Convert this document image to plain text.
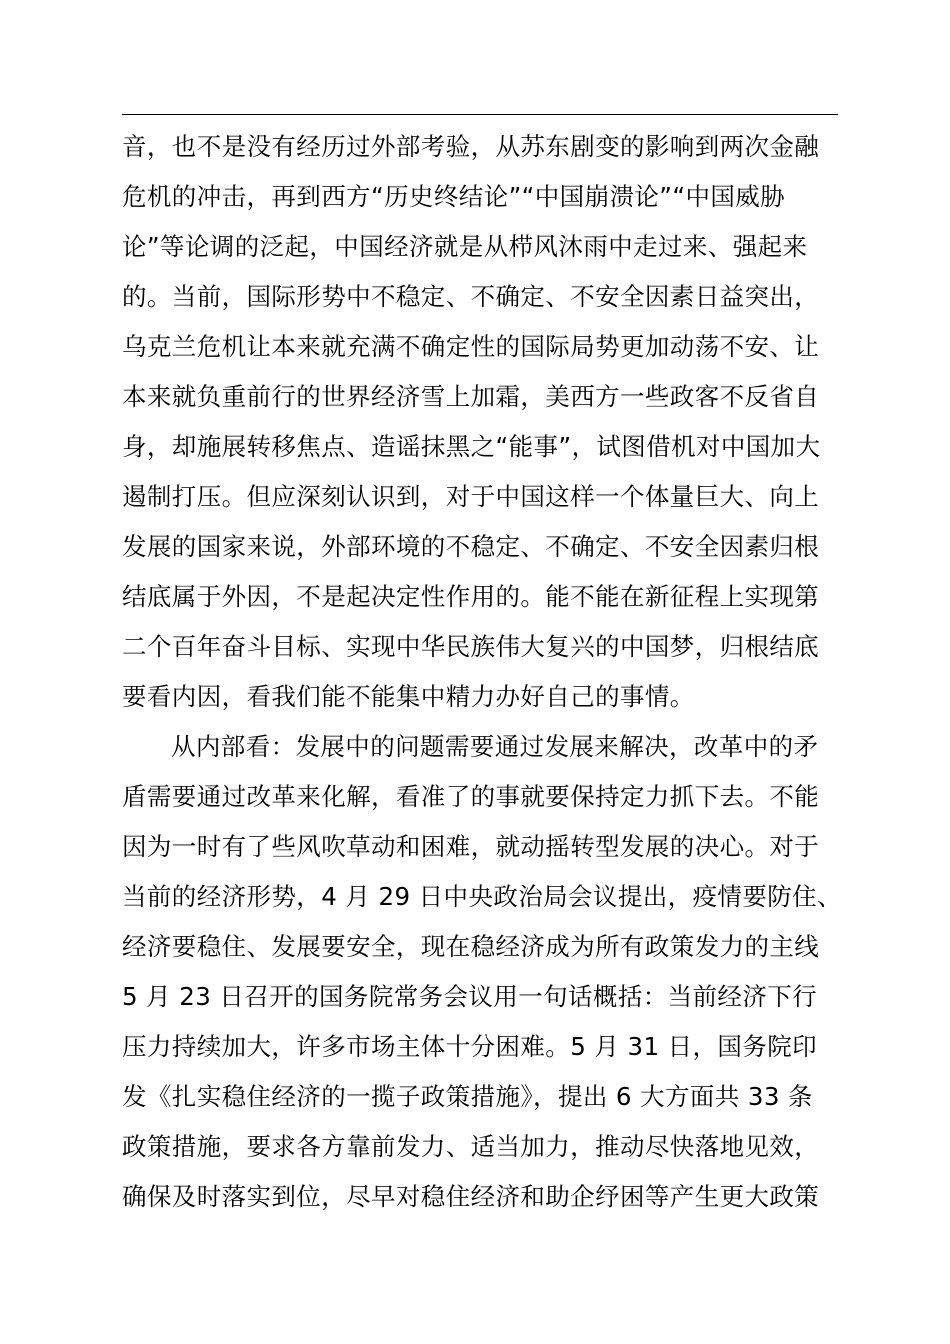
音，也不是没有经历过外部考验，从苏东剧变的影响到两次金融
危机的冲击，再到西方“历史终结论”“中国崩溃论”“中国威胁
论”等论调的泛起，中国经济就是从栉风沐雨中走过来、强起来
的。当前，国际形势中不稳定、不确定、不安全因素日益突出，
乌克兰危机让本来就充满不确定性的国际局势更加动荡不安、让
本来就负重前行的世界经济雪上加霜，美西方一些政客不反省自
身，却施展转移焦点、造谣抹黑之“能事”，试图借机对中国加大
遏制打压。但应深刻认识到，对于中国这样一个体量巨大、向上
发展的国家来说，外部环境的不稳定、不确定、不安全因素归根
结底属于外因，不是起决定性作用的。能不能在新征程上实现第
二个百年奋斗目标、实现中华民族伟大复兴的中国梦，归根结底
要看内因，看我们能不能集中精力办好自己的事情。
从内部看：发展中的问题需要通过发展来解决，改革中的矛
盾需要通过改革来化解，看准了的事就要保持定力抓下去。不能
因为一时有了些风吹草动和困难，就动摇转型发展的决心。对于
当前的经济形势，4 月 29 日中央政治局会议提出，疫情要防住、
经济要稳住、发展要安全，现在稳经济成为所有政策发力的主线
5 月 23 日召开的国务院常务会议用一句话概括：当前经济下行
压力持续加大，许多市场主体十分困难。5 月 31 日，国务院印
发《扎实稳住经济的一揽子政策措施》，提出 6 大方面共 33 条
政策措施，要求各方靠前发力、适当加力，推动尽快落地见效，
确保及时落实到位，尽早对稳住经济和助企纾困等产生更大政策
